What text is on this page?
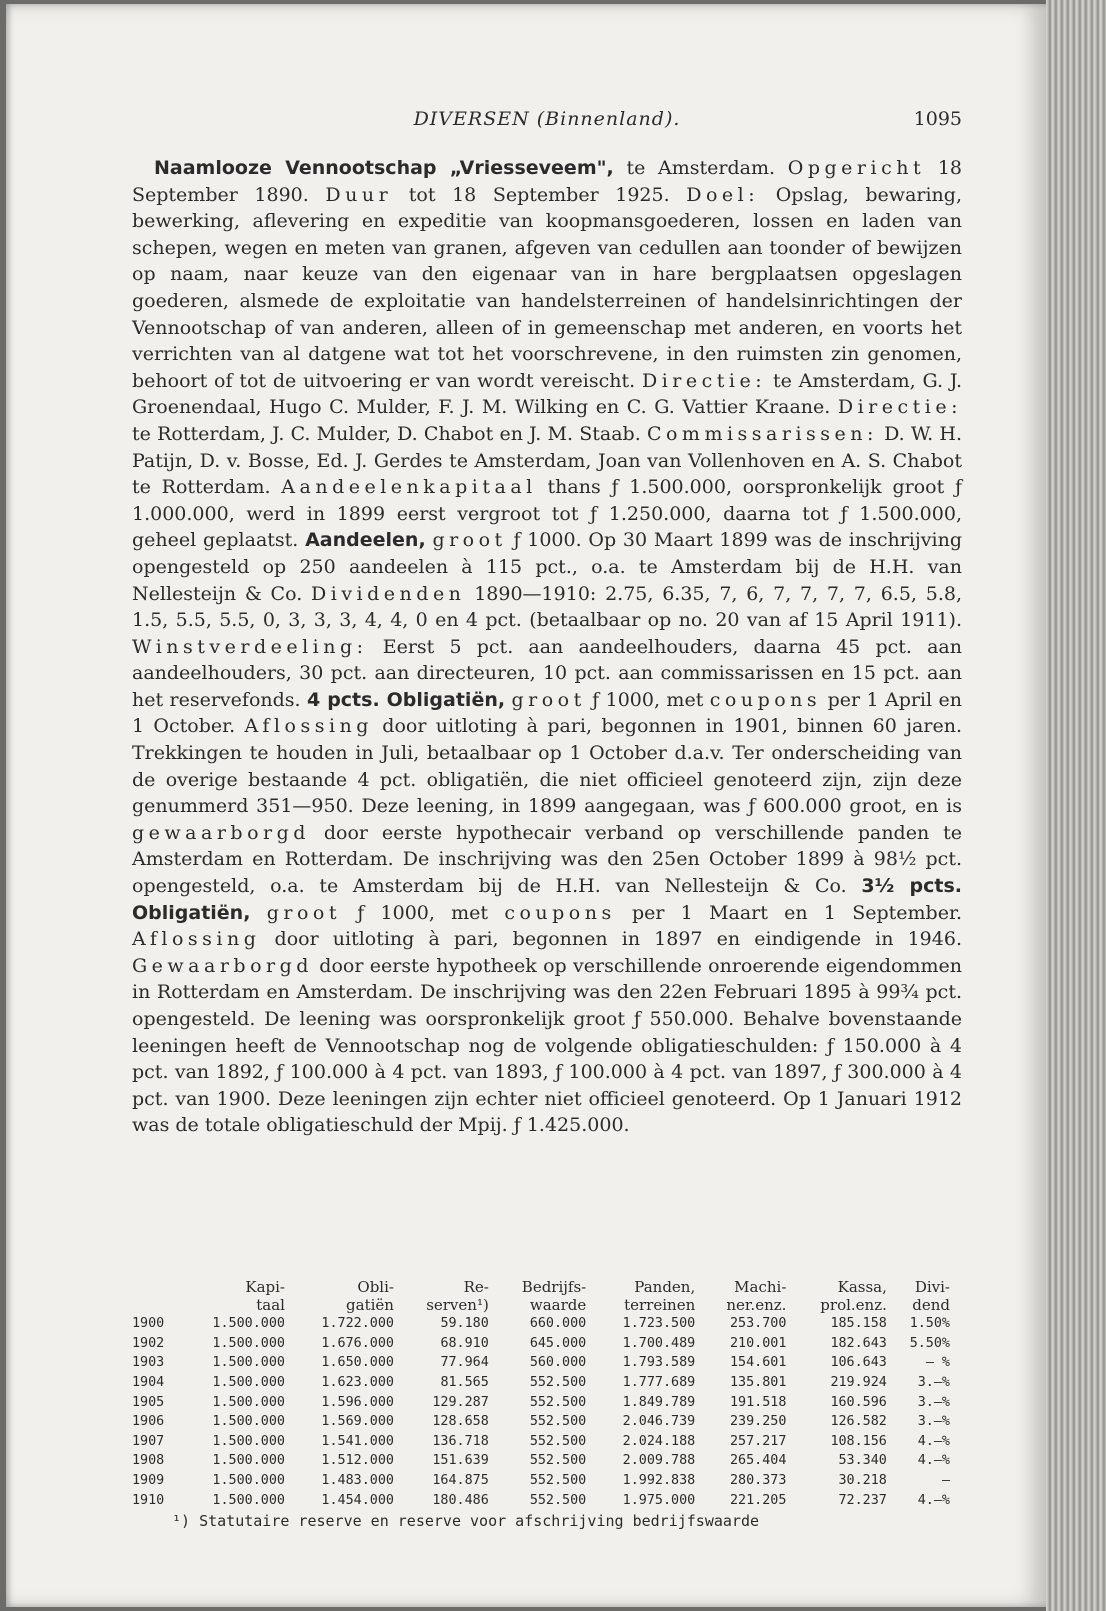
DIVERSEN (Binnenland).	1095

Naamlooze Vennootschap „Vriesseveem", te Amsterdam. Opgericht 18 September 1890. Duur tot 18 September 1925. Doel: Opslag, bewaring, bewerking, aflevering en expeditie van koopmansgoederen, lossen en laden van schepen, wegen en meten van granen, afgeven van cedullen aan toonder of bewijzen op naam, naar keuze van den eigenaar van in hare bergplaatsen opgeslagen goederen, alsmede de exploitatie van handelsterreinen of handelsinrichtingen der Vennootschap of van anderen, alleen of in gemeenschap met anderen, en voorts het verrichten van al datgene wat tot het voorschrevene, in den ruimsten zin genomen, behoort of tot de uitvoering er van wordt vereischt. Directie: te Amsterdam, G. J. Groenendaal, Hugo C. Mulder, F. J. M. Wilking en C. G. Vattier Kraane. Directie: te Rotterdam, J. C. Mulder, D. Chabot en J. M. Staab. Commissarissen: D. W. H. Patijn, D. v. Bosse, Ed. J. Gerdes te Amsterdam, Joan van Vollenhoven en A. S. Chabot te Rotterdam. Aandeelenkapitaal thans ƒ 1.500.000, oorspronkelijk groot ƒ 1.000.000, werd in 1899 eerst vergroot tot ƒ 1.250.000, daarna tot ƒ 1.500.000, geheel geplaatst. Aandeelen, groot ƒ 1000. Op 30 Maart 1899 was de inschrijving opengesteld op 250 aandeelen à 115 pct., o.a. te Amsterdam bij de H.H. van Nellesteijn & Co. Dividenden 1890—1910: 2.75, 6.35, 7, 6, 7, 7, 7, 7, 6.5, 5.8, 1.5, 5.5, 5.5, 0, 3, 3, 3, 4, 4, 0 en 4 pct. (betaalbaar op no. 20 van af 15 April 1911). Winstverdeeling: Eerst 5 pct. aan aandeelhouders, daarna 45 pct. aan aandeelhouders, 30 pct. aan directeuren, 10 pct. aan commissarissen en 15 pct. aan het reservefonds. 4 pcts. Obligatiën, groot ƒ 1000, met coupons per 1 April en 1 October. Aflossing door uitloting à pari, begonnen in 1901, binnen 60 jaren. Trekkingen te houden in Juli, betaalbaar op 1 October d.a.v. Ter onderscheiding van de overige bestaande 4 pct. obligatiën, die niet officieel genoteerd zijn, zijn deze genummerd 351—950. Deze leening, in 1899 aangegaan, was ƒ 600.000 groot, en is gewaarborgd door eerste hypothecair verband op verschillende panden te Amsterdam en Rotterdam. De inschrijving was den 25en October 1899 à 98½ pct. opengesteld, o.a. te Amsterdam bij de H.H. van Nellesteijn & Co. 3½ pcts. Obligatiën, groot ƒ 1000, met coupons per 1 Maart en 1 September. Aflossing door uitloting à pari, begonnen in 1897 en eindigende in 1946. Gewaarborgd door eerste hypotheek op verschillende onroerende eigendommen in Rotterdam en Amsterdam. De inschrijving was den 22en Februari 1895 à 99¾ pct. opengesteld. De leening was oorspronkelijk groot ƒ 550.000. Behalve bovenstaande leeningen heeft de Vennootschap nog de volgende obligatieschulden: ƒ 150.000 à 4 pct. van 1892, ƒ 100.000 à 4 pct. van 1893, ƒ 100.000 à 4 pct. van 1897, ƒ 300.000 à 4 pct. van 1900. Deze leeningen zijn echter niet officieel genoteerd. Op 1 Januari 1912 was de totale obligatieschuld der Mpij. ƒ 1.425.000.

	Kapi-	Obli-	Re-	Bedrijfs-	Panden,	Machi-	Kassa,	Divi-
	taal	gatiën	serven¹)	waarde	terreinen	ner.enz.	prol.enz.	dend
1900	1.500.000	1.722.000	59.180	660.000	1.723.500	253.700	185.158	1.50%
1902	1.500.000	1.676.000	68.910	645.000	1.700.489	210.001	182.643	5.50%
1903	1.500.000	1.650.000	77.964	560.000	1.793.589	154.601	106.643	— %
1904	1.500.000	1.623.000	81.565	552.500	1.777.689	135.801	219.924	3.—%
1905	1.500.000	1.596.000	129.287	552.500	1.849.789	191.518	160.596	3.—%
1906	1.500.000	1.569.000	128.658	552.500	2.046.739	239.250	126.582	3.—%
1907	1.500.000	1.541.000	136.718	552.500	2.024.188	257.217	108.156	4.—%
1908	1.500.000	1.512.000	151.639	552.500	2.009.788	265.404	53.340	4.—%
1909	1.500.000	1.483.000	164.875	552.500	1.992.838	280.373	30.218	—
1910	1.500.000	1.454.000	180.486	552.500	1.975.000	221.205	72.237	4.—%
¹) Statutaire reserve en reserve voor afschrijving bedrijfswaarde
